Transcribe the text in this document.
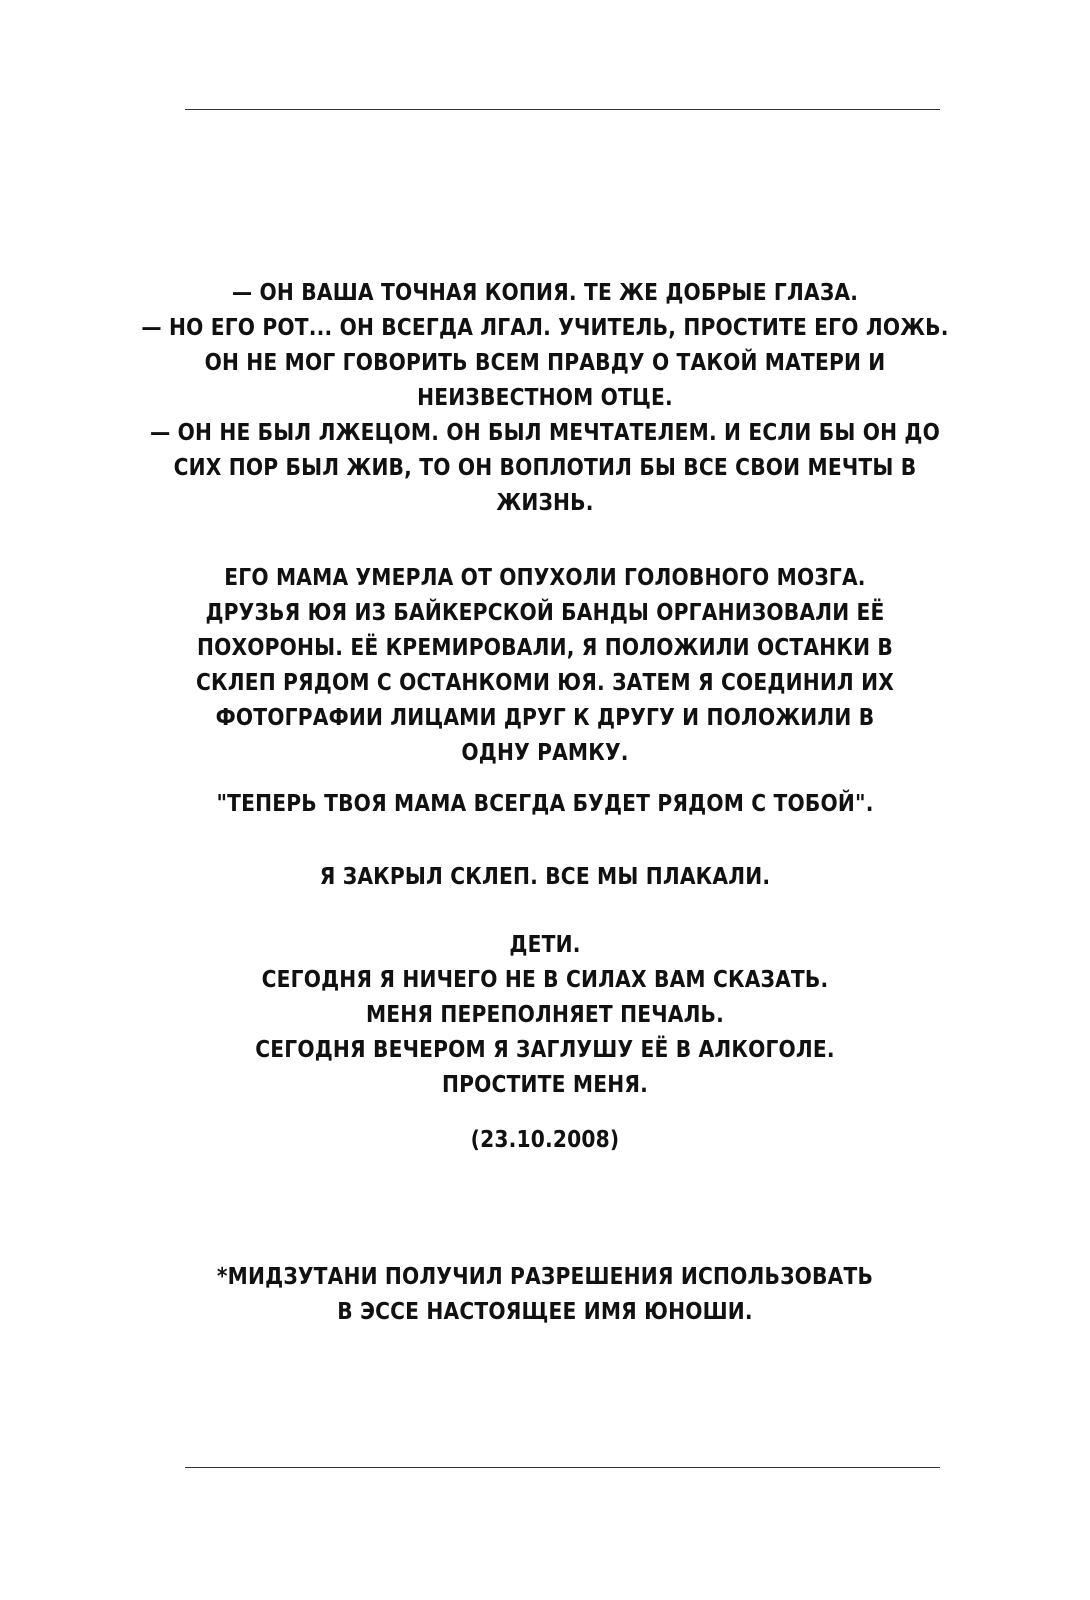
— ОН ВАША ТОЧНАЯ КОПИЯ. ТЕ ЖЕ ДОБРЫЕ ГЛАЗА.
— НО ЕГО РОТ... ОН ВСЕГДА ЛГАЛ. УЧИТЕЛЬ, ПРОСТИТЕ ЕГО ЛОЖЬ.
ОН НЕ МОГ ГОВОРИТЬ ВСЕМ ПРАВДУ О ТАКОЙ МАТЕРИ И
НЕИЗВЕСТНОМ ОТЦЕ.
— ОН НЕ БЫЛ ЛЖЕЦОМ. ОН БЫЛ МЕЧТАТЕЛЕМ. И ЕСЛИ БЫ ОН ДО
СИХ ПОР БЫЛ ЖИВ, ТО ОН ВОПЛОТИЛ БЫ ВСЕ СВОИ МЕЧТЫ В
ЖИЗНЬ.
ЕГО МАМА УМЕРЛА ОТ ОПУХОЛИ ГОЛОВНОГО МОЗГА.
ДРУЗЬЯ ЮЯ ИЗ БАЙКЕРСКОЙ БАНДЫ ОРГАНИЗОВАЛИ ЕЁ
ПОХОРОНЫ. ЕЁ КРЕМИРОВАЛИ, Я ПОЛОЖИЛИ ОСТАНКИ В
СКЛЕП РЯДОМ С ОСТАНКОМИ ЮЯ. ЗАТЕМ Я СОЕДИНИЛ ИХ
ФОТОГРАФИИ ЛИЦАМИ ДРУГ К ДРУГУ И ПОЛОЖИЛИ В
ОДНУ РАМКУ.
"ТЕПЕРЬ ТВОЯ МАМА ВСЕГДА БУДЕТ РЯДОМ С ТОБОЙ".
Я ЗАКРЫЛ СКЛЕП. ВСЕ МЫ ПЛАКАЛИ.
ДЕТИ.
СЕГОДНЯ Я НИЧЕГО НЕ В СИЛАХ ВАМ СКАЗАТЬ.
МЕНЯ ПЕРЕПОЛНЯЕТ ПЕЧАЛЬ.
СЕГОДНЯ ВЕЧЕРОМ Я ЗАГЛУШУ ЕЁ В АЛКОГОЛЕ.
ПРОСТИТЕ МЕНЯ.
(23.10.2008)
*МИДЗУТАНИ ПОЛУЧИЛ РАЗРЕШЕНИЯ ИСПОЛЬЗОВАТЬ
В ЭССЕ НАСТОЯЩЕЕ ИМЯ ЮНОШИ.
